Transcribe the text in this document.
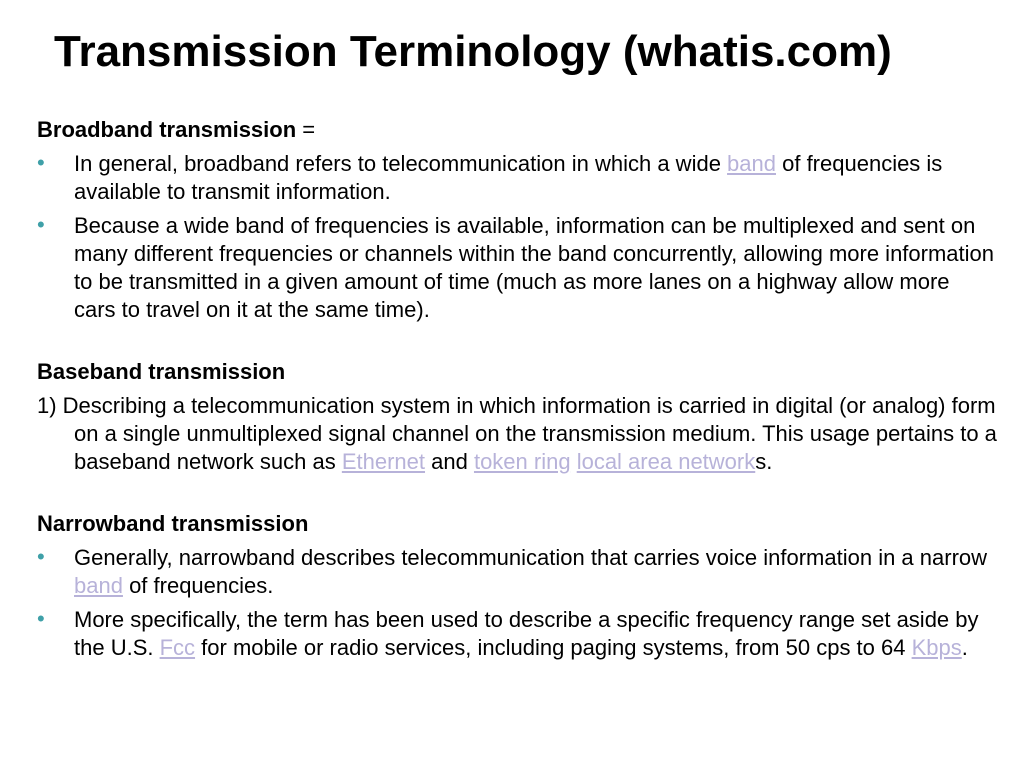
Transmission Terminology (whatis.com)

Broadband transmission =

• In general, broadband refers to telecommunication in which a wide band of frequencies is available to transmit information.
• Because a wide band of frequencies is available, information can be multiplexed and sent on many different frequencies or channels within the band concurrently, allowing more information to be transmitted in a given amount of time (much as more lanes on a highway allow more cars to travel on it at the same time).

Baseband transmission

1) Describing a telecommunication system in which information is carried in digital (or analog) form on a single unmultiplexed signal channel on the transmission medium. This usage pertains to a baseband network such as Ethernet and token ring local area networks.

Narrowband transmission

• Generally, narrowband describes telecommunication that carries voice information in a narrow band of frequencies.
• More specifically, the term has been used to describe a specific frequency range set aside by the U.S. Fcc for mobile or radio services, including paging systems, from 50 cps to 64 Kbps.
